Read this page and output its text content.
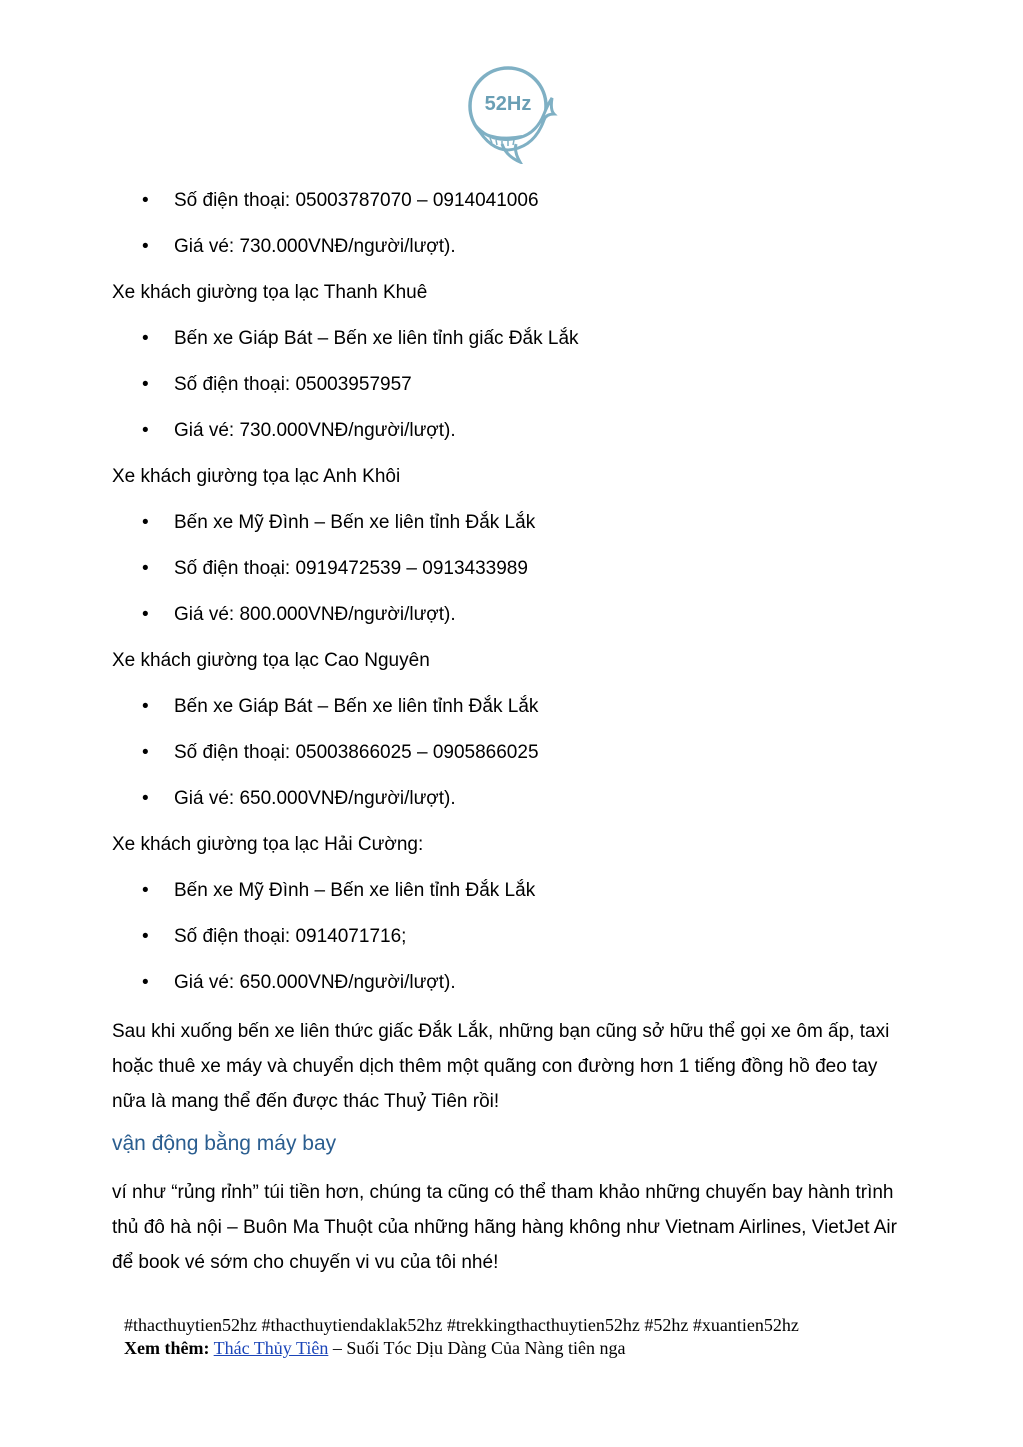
52Hz
• Số điện thoại: 05003787070 – 0914041006
• Giá vé: 730.000VNĐ/người/lượt).
Xe khách giường tọa lạc Thanh Khuê
• Bến xe Giáp Bát – Bến xe liên tỉnh giấc Đắk Lắk
• Số điện thoại: 05003957957
• Giá vé: 730.000VNĐ/người/lượt).
Xe khách giường tọa lạc Anh Khôi
• Bến xe Mỹ Đình – Bến xe liên tỉnh Đắk Lắk
• Số điện thoại: 0919472539 – 0913433989
• Giá vé: 800.000VNĐ/người/lượt).
Xe khách giường tọa lạc Cao Nguyên
• Bến xe Giáp Bát – Bến xe liên tỉnh Đắk Lắk
• Số điện thoại: 05003866025 – 0905866025
• Giá vé: 650.000VNĐ/người/lượt).
Xe khách giường tọa lạc Hải Cường:
• Bến xe Mỹ Đình – Bến xe liên tỉnh Đắk Lắk
• Số điện thoại: 0914071716;
• Giá vé: 650.000VNĐ/người/lượt).
Sau khi xuống bến xe liên thức giấc Đắk Lắk, những bạn cũng sở hữu thể gọi xe ôm ấp, taxi hoặc thuê xe máy và chuyển dịch thêm một quãng con đường hơn 1 tiếng đồng hồ đeo tay nữa là mang thể đến được thác Thuỷ Tiên rồi!
vận động bằng máy bay
ví như “rủng rỉnh” túi tiền hơn, chúng ta cũng có thể tham khảo những chuyến bay hành trình thủ đô hà nội – Buôn Ma Thuột của những hãng hàng không như Vietnam Airlines, VietJet Air để book vé sớm cho chuyến vi vu của tôi nhé!
#thacthuytien52hz #thacthuytiendaklak52hz #trekkingthacthuytien52hz #52hz #xuantien52hz
Xem thêm: Thác Thủy Tiên – Suối Tóc Dịu Dàng Của Nàng tiên nga
